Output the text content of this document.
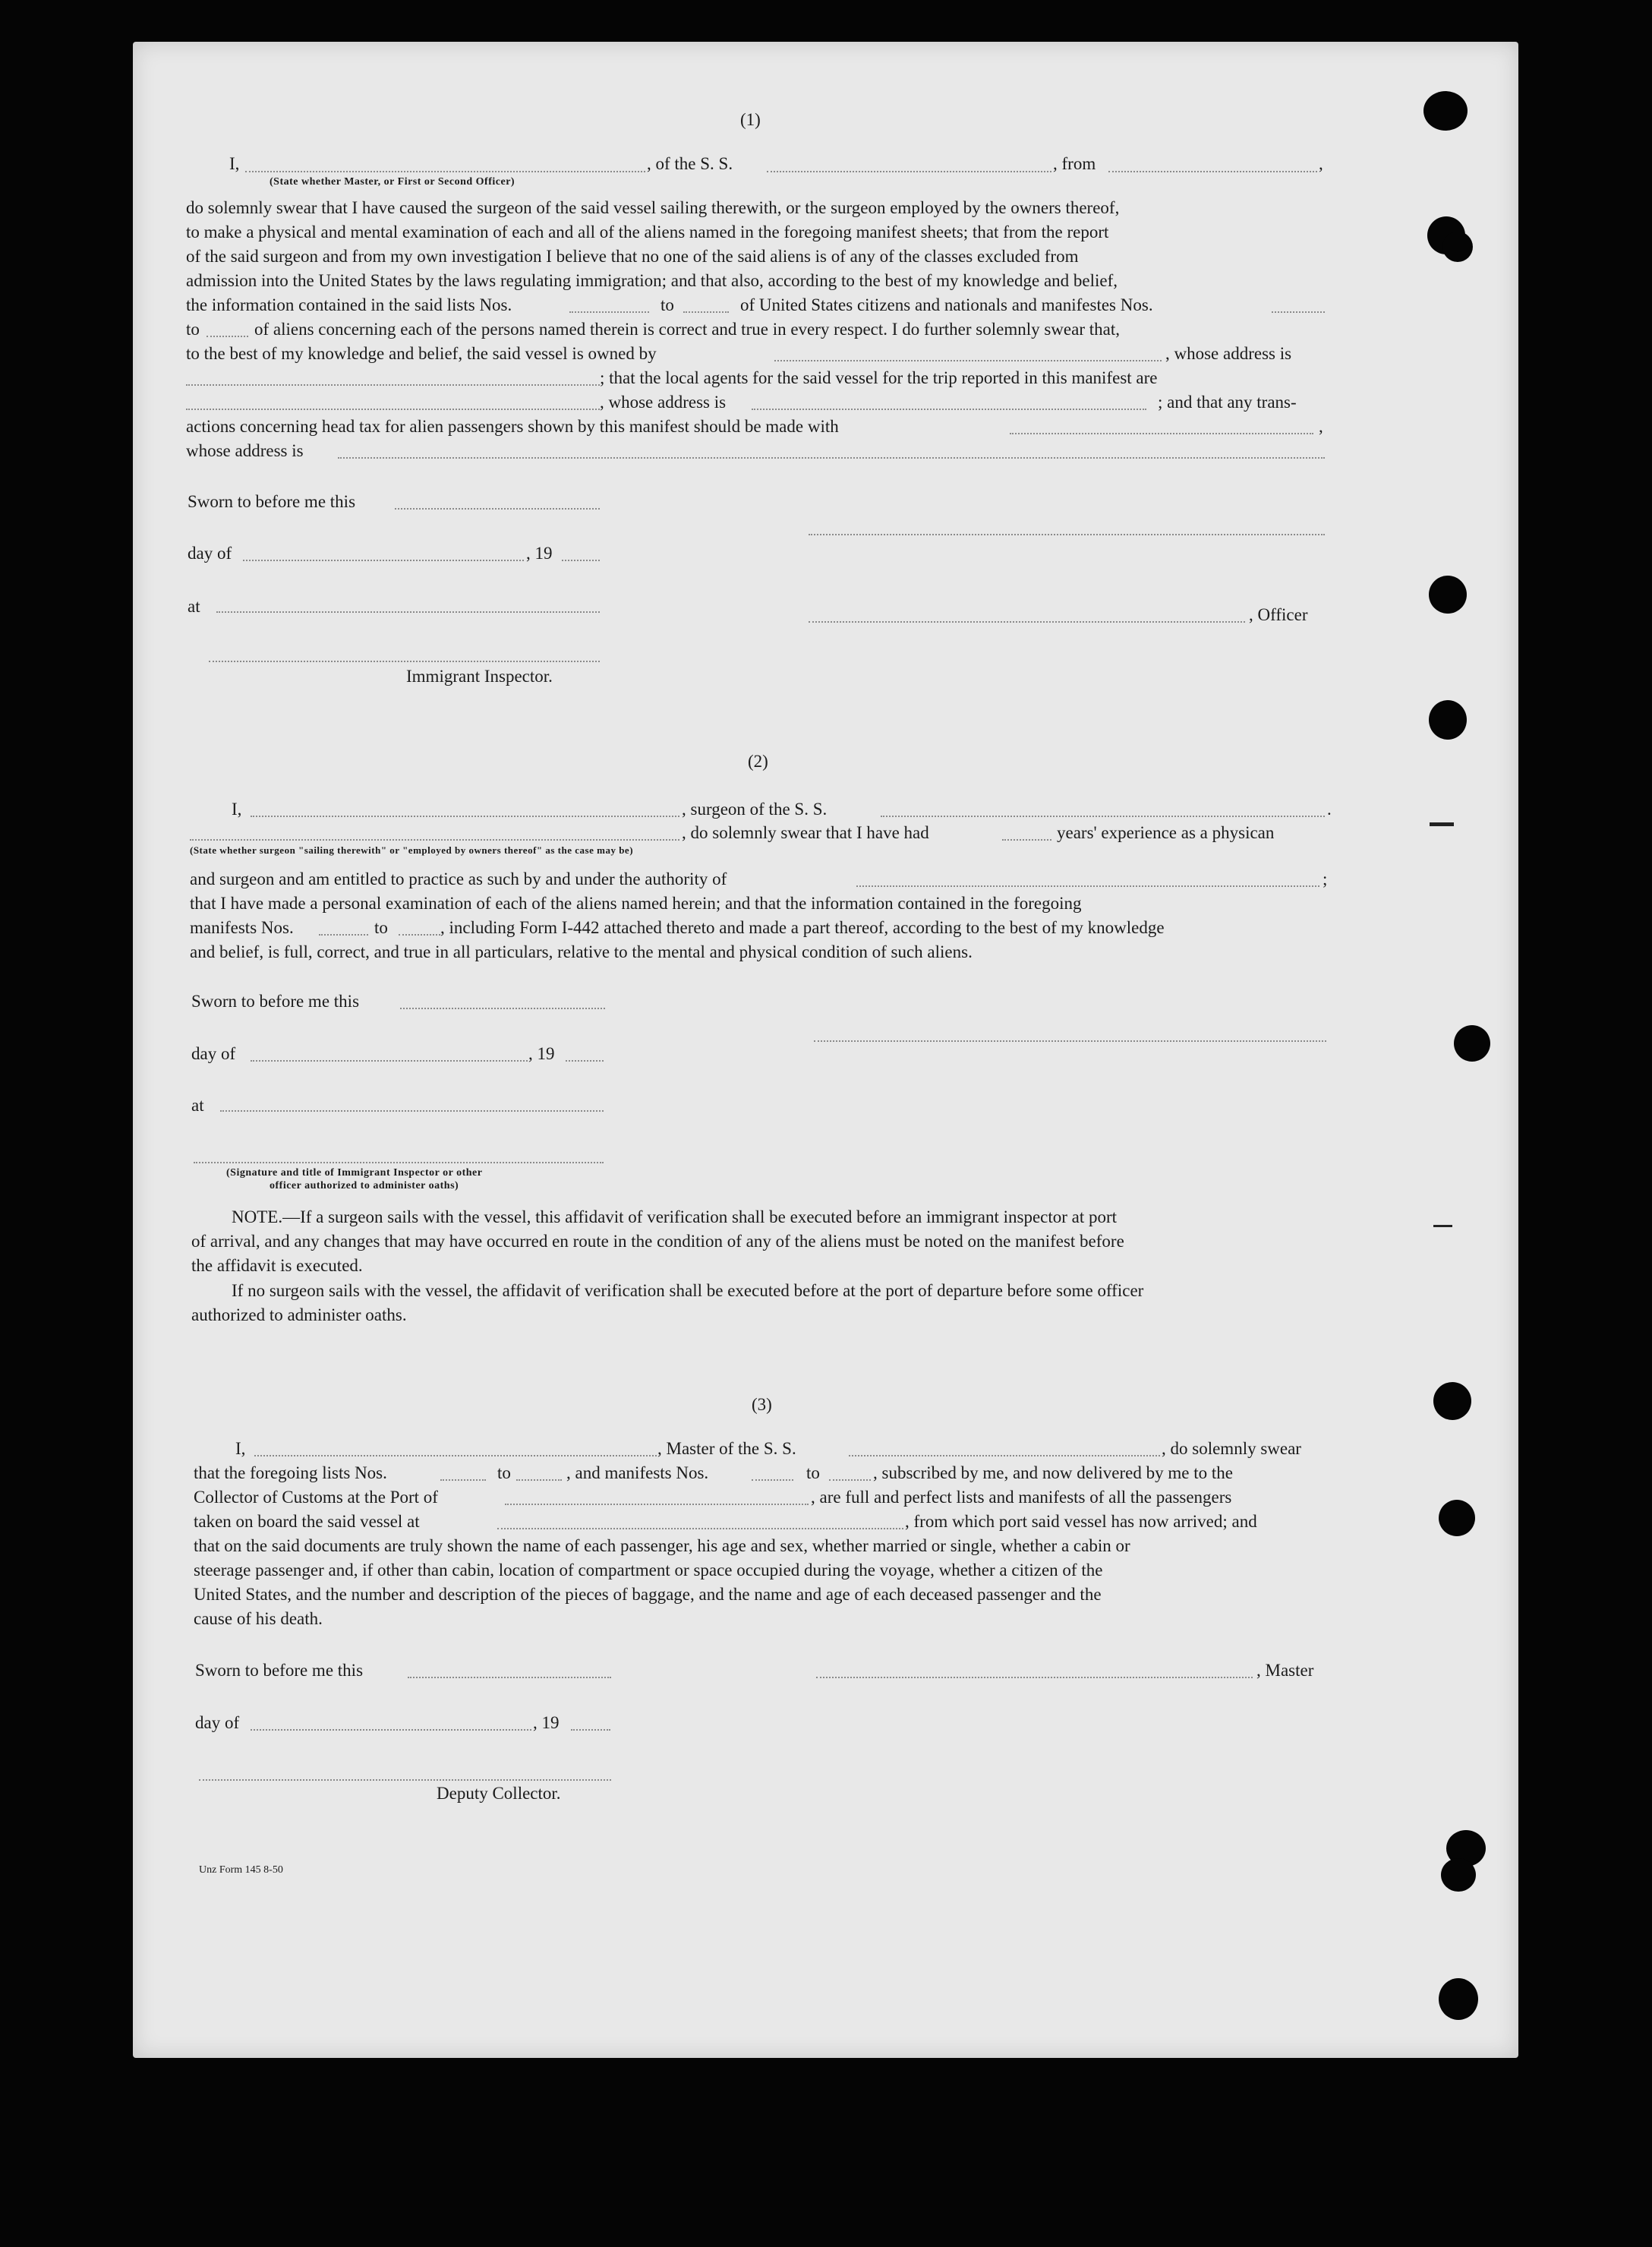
(1)
I,	, of the S. S.	, from	,
(State whether Master, or First or Second Officer)
do solemnly swear that I have caused the surgeon of the said vessel sailing therewith, or the surgeon employed by the owners thereof,
to make a physical and mental examination of each and all of the aliens named in the foregoing manifest sheets; that from the report
of the said surgeon and from my own investigation I believe that no one of the said aliens is of any of the classes excluded from
admission into the United States by the laws regulating immigration; and that also, according to the best of my knowledge and belief,
the information contained in the said lists Nos.	to	of United States citizens and nationals and manifestes Nos.
to	of aliens concerning each of the persons named therein is correct and true in every respect. I do further solemnly swear that,
to the best of my knowledge and belief, the said vessel is owned by	, whose address is
; that the local agents for the said vessel for the trip reported in this manifest are
, whose address is	; and that any trans-
actions concerning head tax for alien passengers shown by this manifest should be made with	,
whose address is
Sworn to before me this
day of	, 19
at	, Officer
Immigrant Inspector.
(2)
I,	, surgeon of the S. S.	.
, do solemnly swear that I have had	years' experience as a physican
(State whether surgeon "sailing therewith" or "employed by owners thereof" as the case may be)
and surgeon and am entitled to practice as such by and under the authority of	;
that I have made a personal examination of each of the aliens named herein; and that the information contained in the foregoing
manifests Nos.	to	, including Form I-442 attached thereto and made a part thereof, according to the best of my knowledge
and belief, is full, correct, and true in all particulars, relative to the mental and physical condition of such aliens.
Sworn to before me this
day of	, 19
at
(Signature and title of Immigrant Inspector or other
officer authorized to administer oaths)
NOTE.—If a surgeon sails with the vessel, this affidavit of verification shall be executed before an immigrant inspector at port
of arrival, and any changes that may have occurred en route in the condition of any of the aliens must be noted on the manifest before
the affidavit is executed.
If no surgeon sails with the vessel, the affidavit of verification shall be executed before at the port of departure before some officer
authorized to administer oaths.
(3)
I,	, Master of the S. S.	, do solemnly swear
that the foregoing lists Nos.	to	, and manifests Nos.	to	, subscribed by me, and now delivered by me to the
Collector of Customs at the Port of	, are full and perfect lists and manifests of all the passengers
taken on board the said vessel at	, from which port said vessel has now arrived; and
that on the said documents are truly shown the name of each passenger, his age and sex, whether married or single, whether a cabin or
steerage passenger and, if other than cabin, location of compartment or space occupied during the voyage, whether a citizen of the
United States, and the number and description of the pieces of baggage, and the name and age of each deceased passenger and the
cause of his death.
Sworn to before me this	, Master
day of	, 19
Deputy Collector.
Unz Form 145 8-50
